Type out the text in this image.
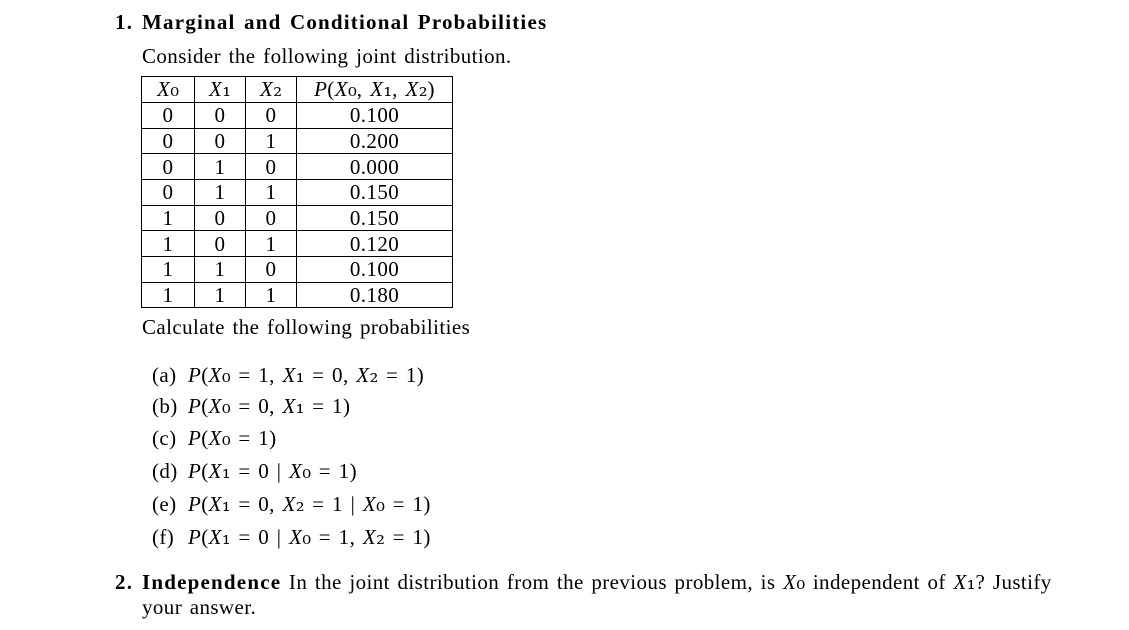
1. Marginal and Conditional Probabilities
Consider the following joint distribution.
X₀	X₁	X₂	P(X₀, X₁, X₂)
0	0	0	0.100
0	0	1	0.200
0	1	0	0.000
0	1	1	0.150
1	0	0	0.150
1	0	1	0.120
1	1	0	0.100
1	1	1	0.180
Calculate the following probabilities
(a) P(X₀ = 1, X₁ = 0, X₂ = 1)
(b) P(X₀ = 0, X₁ = 1)
(c) P(X₀ = 1)
(d) P(X₁ = 0 | X₀ = 1)
(e) P(X₁ = 0, X₂ = 1 | X₀ = 1)
(f) P(X₁ = 0 | X₀ = 1, X₂ = 1)
2. Independence In the joint distribution from the previous problem, is X₀ independent of X₁? Justify
your answer.
